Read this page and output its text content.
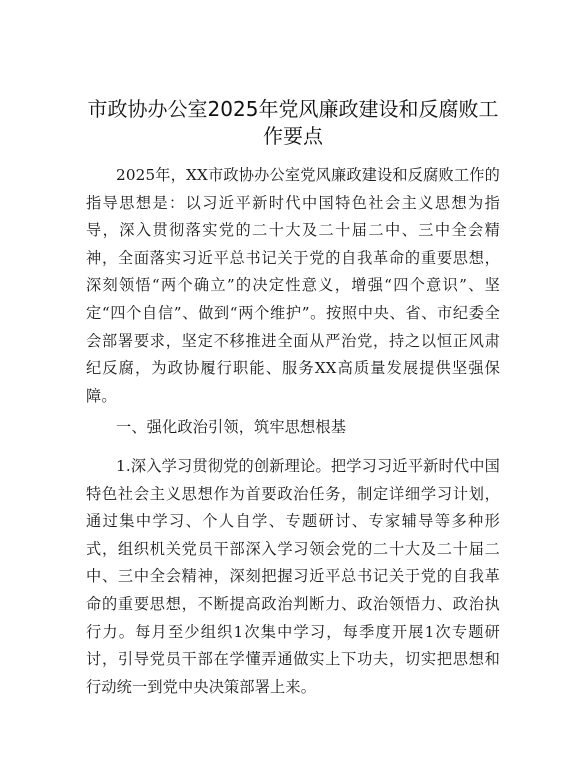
市政协办公室2025年党风廉政建设和反腐败工作要点

2025年，XX市政协办公室党风廉政建设和反腐败工作的指导思想是：以习近平新时代中国特色社会主义思想为指导，深入贯彻落实党的二十大及二十届二中、三中全会精神，全面落实习近平总书记关于党的自我革命的重要思想，深刻领悟“两个确立”的决定性意义，增强“四个意识”、坚定“四个自信”、做到“两个维护”。按照中央、省、市纪委全会部署要求，坚定不移推进全面从严治党，持之以恒正风肃纪反腐，为政协履行职能、服务XX高质量发展提供坚强保障。

一、强化政治引领，筑牢思想根基

1.深入学习贯彻党的创新理论。把学习习近平新时代中国特色社会主义思想作为首要政治任务，制定详细学习计划，通过集中学习、个人自学、专题研讨、专家辅导等多种形式，组织机关党员干部深入学习领会党的二十大及二十届二中、三中全会精神，深刻把握习近平总书记关于党的自我革命的重要思想，不断提高政治判断力、政治领悟力、政治执行力。每月至少组织1次集中学习，每季度开展1次专题研讨，引导党员干部在学懂弄通做实上下功夫，切实把思想和行动统一到党中央决策部署上来。
